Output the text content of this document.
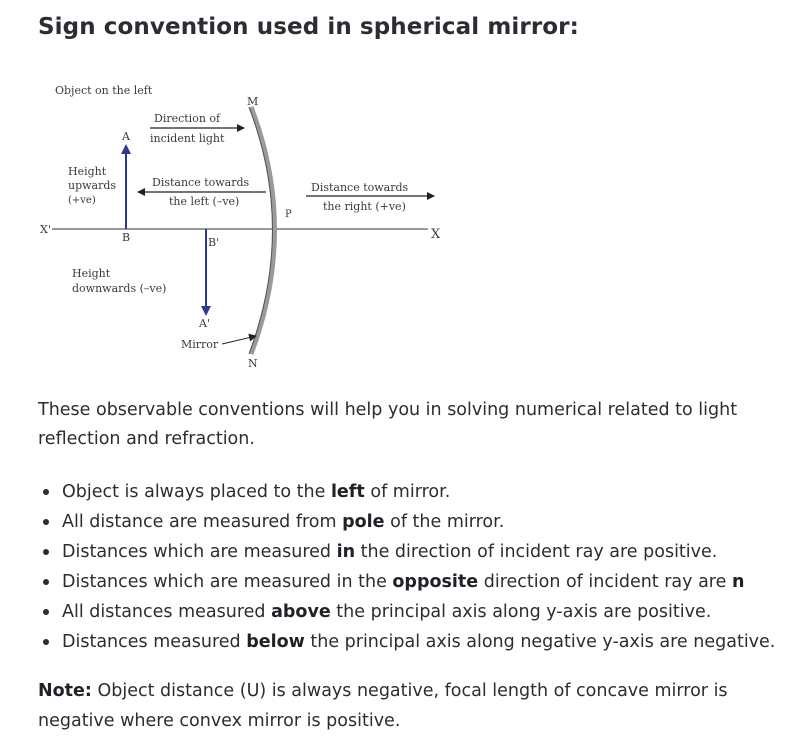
Sign convention used in spherical mirror:
Object on the left
M
N
P
A
B
A'
B'
X'	X
Direction of
incident light
Height
upwards
(+ve)
Distance towards
the left (–ve)
Distance towards
the right (+ve)
Height
downwards (–ve)
Mirror

These observable conventions will help you in solving numerical related to light reflection and refraction.

Object is always placed to the left of mirror.
All distance are measured from pole of the mirror.
Distances which are measured in the direction of incident ray are positive.
Distances which are measured in the opposite direction of incident ray are n
All distances measured above the principal axis along y-axis are positive.
Distances measured below the principal axis along negative y-axis are negative.

Note: Object distance (U) is always negative, focal length of concave mirror is negative where convex mirror is positive.
